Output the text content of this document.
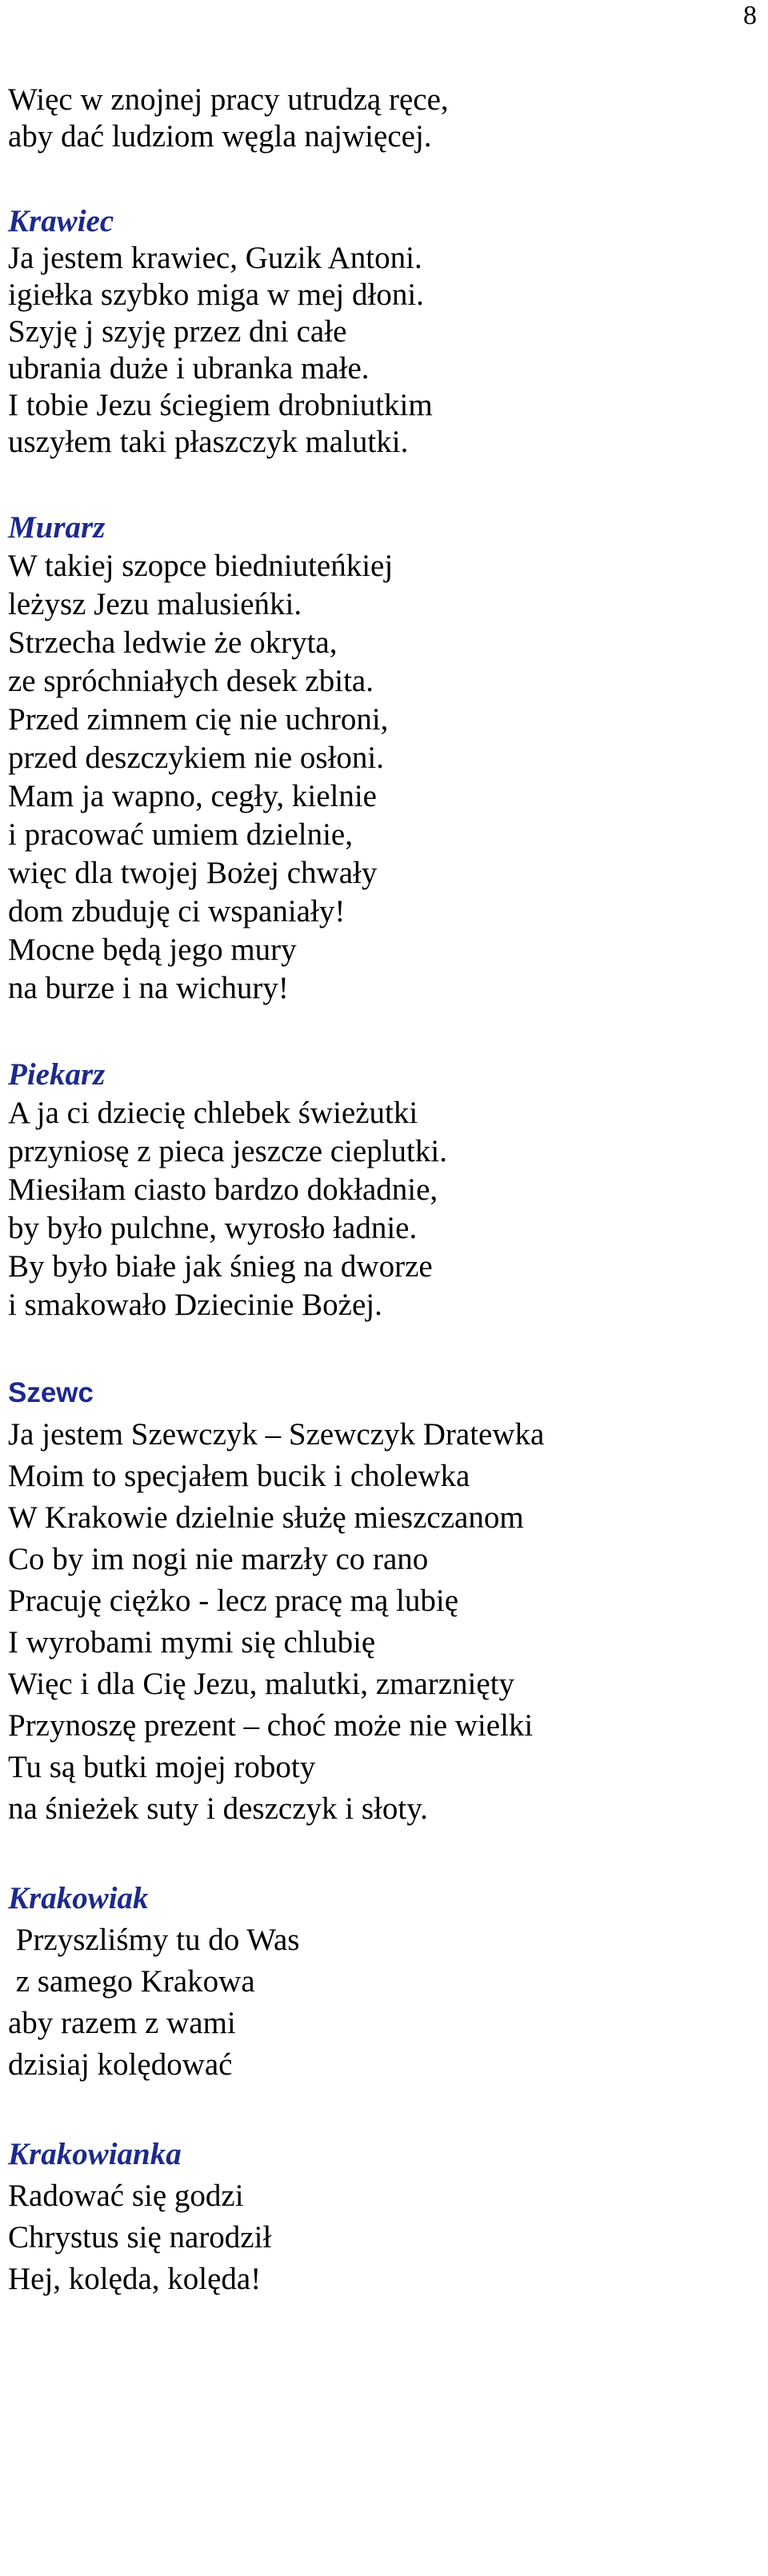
8

Więc w znojnej pracy utrudzą ręce,

aby dać ludziom węgla najwięcej.

Krawiec

Ja jestem krawiec, Guzik Antoni.

igiełka szybko miga w mej dłoni.

Szyję j szyję przez dni całe

ubrania duże i ubranka małe.

I tobie Jezu ściegiem drobniutkim

uszyłem taki płaszczyk malutki.

Murarz

W takiej szopce biedniuteńkiej

leżysz Jezu malusieńki.

Strzecha ledwie że okryta,

ze spróchniałych desek zbita.

Przed zimnem cię nie uchroni,

przed deszczykiem nie osłoni.

Mam ja wapno, cegły, kielnie

i pracować umiem dzielnie,

więc dla twojej Bożej chwały

dom zbuduję ci wspaniały!

Mocne będą jego mury

na burze i na wichury!

Piekarz

A ja ci dziecię chlebek świeżutki

przyniosę z pieca jeszcze cieplutki.

Miesiłam ciasto bardzo dokładnie,

by było pulchne, wyrosło ładnie.

By było białe jak śnieg na dworze

i smakowało Dziecinie Bożej.

Szewc

Ja jestem Szewczyk – Szewczyk Dratewka

Moim to specjałem bucik i cholewka

W Krakowie dzielnie służę mieszczanom

Co by im nogi nie marzły co rano

Pracuję ciężko - lecz pracę mą lubię

I wyrobami mymi się chlubię

Więc i dla Cię Jezu, malutki, zmarznięty

Przynoszę prezent – choć może nie wielki

Tu są butki mojej roboty

na śnieżek suty i deszczyk i słoty.

Krakowiak

Przyszliśmy tu do Was

z samego Krakowa

aby razem z wami

dzisiaj kolędować

Krakowianka

Radować się godzi

Chrystus się narodził

Hej, kolęda, kolęda!
